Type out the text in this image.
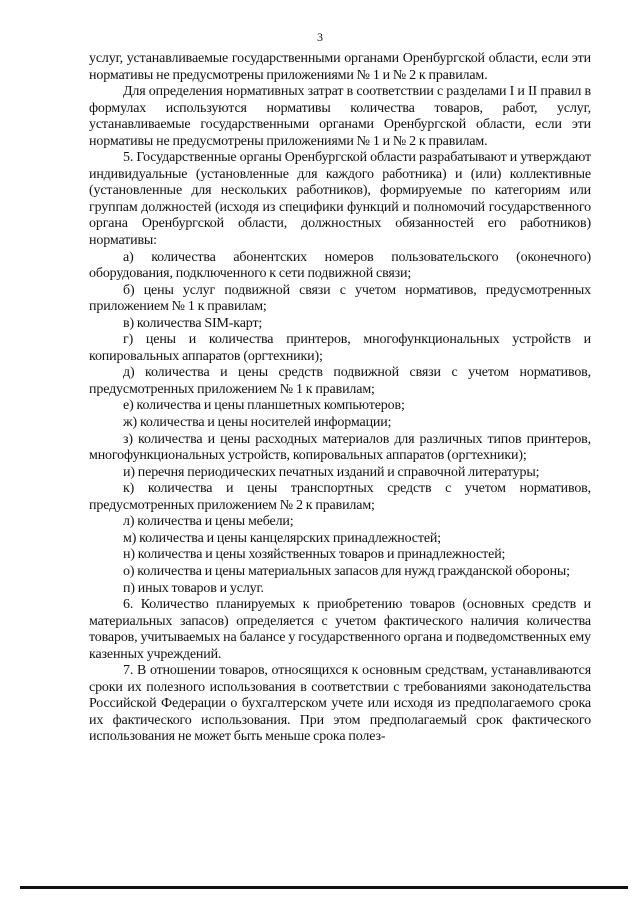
3

услуг, устанавливаемые государственными органами Оренбургской области, если эти нормативы не предусмотрены приложениями № 1 и № 2 к правилам.

Для определения нормативных затрат в соответствии с разделами I и II правил в формулах используются нормативы количества товаров, работ, услуг, устанавливаемые государственными органами Оренбургской области, если эти нормативы не предусмотрены приложениями № 1 и № 2 к правилам.

5. Государственные органы Оренбургской области разрабатывают и утверждают индивидуальные (установленные для каждого работника) и (или) коллективные (установленные для нескольких работников), формируемые по категориям или группам должностей (исходя из специфики функций и полномочий государственного органа Оренбургской области, должностных обязанностей его работников) нормативы:

а) количества абонентских номеров пользовательского (оконечного) оборудования, подключенного к сети подвижной связи;

б) цены услуг подвижной связи с учетом нормативов, предусмотренных приложением № 1 к правилам;

в) количества SIM-карт;

г) цены и количества принтеров, многофункциональных устройств и копировальных аппаратов (оргтехники);

д) количества и цены средств подвижной связи с учетом нормативов, предусмотренных приложением № 1 к правилам;

е) количества и цены планшетных компьютеров;

ж) количества и цены носителей информации;

з) количества и цены расходных материалов для различных типов принтеров, многофункциональных устройств, копировальных аппаратов (оргтехники);

и) перечня периодических печатных изданий и справочной литературы;

к) количества и цены транспортных средств с учетом нормативов, предусмотренных приложением № 2 к правилам;

л) количества и цены мебели;

м) количества и цены канцелярских принадлежностей;

н) количества и цены хозяйственных товаров и принадлежностей;

о) количества и цены материальных запасов для нужд гражданской обороны;

п) иных товаров и услуг.

6. Количество планируемых к приобретению товаров (основных средств и материальных запасов) определяется с учетом фактического наличия количества товаров, учитываемых на балансе у государственного органа и подведомственных ему казенных учреждений.

7. В отношении товаров, относящихся к основным средствам, устанавливаются сроки их полезного использования в соответствии с требованиями законодательства Российской Федерации о бухгалтерском учете или исходя из предполагаемого срока их фактического использования. При этом предполагаемый срок фактического использования не может быть меньше срока полез-
